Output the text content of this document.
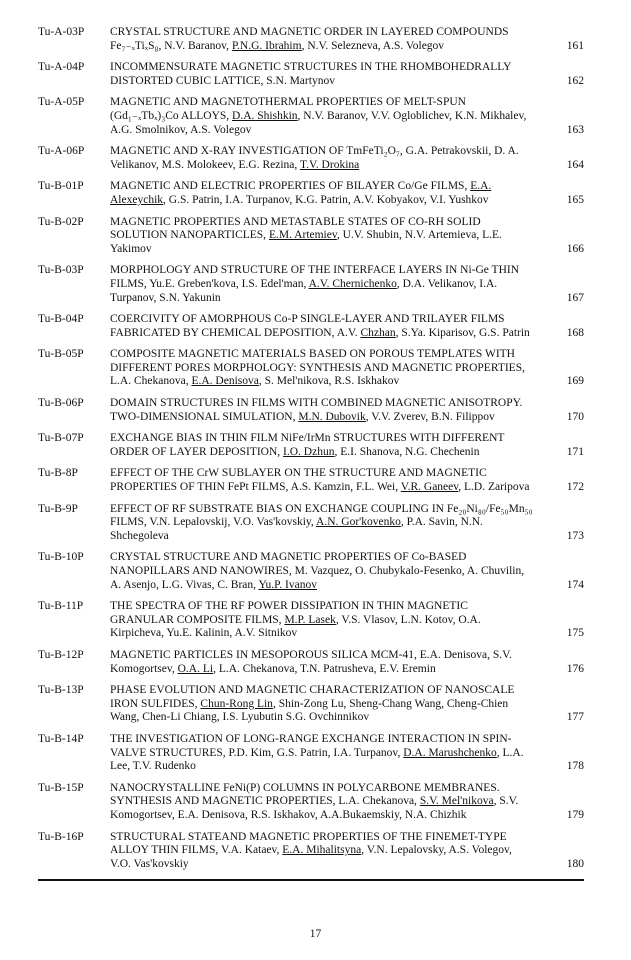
Tu-A-03P	CRYSTAL STRUCTURE AND MAGNETIC ORDER IN LAYERED COMPOUNDS Fe₇₋ₓTiₓS₈, N.V. Baranov, P.N.G. Ibrahim, N.V. Selezneva, A.S. Volegov	161
Tu-A-04P	INCOMMENSURATE MAGNETIC STRUCTURES IN THE RHOMBOHEDRALLY DISTORTED CUBIC LATTICE, S.N. Martynov	162
Tu-A-05P	MAGNETIC AND MAGNETOTHERMAL PROPERTIES OF MELT-SPUN (Gd₁₋ₓTbₓ)₃Co ALLOYS, D.A. Shishkin, N.V. Baranov, V.V. Ogloblichev, K.N. Mikhalev, A.G. Smolnikov, A.S. Volegov	163
Tu-A-06P	MAGNETIC AND X-RAY INVESTIGATION OF TmFeTi₂O₇, G.A. Petrakovskii, D. A. Velikanov, M.S. Molokeev, E.G. Rezina, T.V. Drokina	164
Tu-B-01P	MAGNETIC AND ELECTRIC PROPERTIES OF BILAYER Co/Ge FILMS, E.A. Alexeychik, G.S. Patrin, I.A. Turpanov, K.G. Patrin, A.V. Kobyakov, V.I. Yushkov	165
Tu-B-02P	MAGNETIC PROPERTIES AND METASTABLE STATES OF CO-RH SOLID SOLUTION NANOPARTICLES, E.M. Artemiev, U.V. Shubin, N.V. Artemieva, L.E. Yakimov	166
Tu-B-03P	MORPHOLOGY AND STRUCTURE OF THE INTERFACE LAYERS IN Ni-Ge THIN FILMS, Yu.E. Greben'kova, I.S. Edel'man, A.V. Chernichenko, D.A. Velikanov, I.A. Turpanov, S.N. Yakunin	167
Tu-B-04P	COERCIVITY OF AMORPHOUS Co-P SINGLE-LAYER AND TRILAYER FILMS FABRICATED BY CHEMICAL DEPOSITION, A.V. Chzhan, S.Ya. Kiparisov, G.S. Patrin	168
Tu-B-05P	COMPOSITE MAGNETIC MATERIALS BASED ON POROUS TEMPLATES WITH DIFFERENT PORES MORPHOLOGY: SYNTHESIS AND MAGNETIC PROPERTIES, L.A. Chekanova, E.A. Denisova, S. Mel'nikova, R.S. Iskhakov	169
Tu-B-06P	DOMAIN STRUCTURES IN FILMS WITH COMBINED MAGNETIC ANISOTROPY. TWO-DIMENSIONAL SIMULATION, M.N. Dubovik, V.V. Zverev, B.N. Filippov	170
Tu-B-07P	EXCHANGE BIAS IN THIN FILM NiFe/IrMn STRUCTURES WITH DIFFERENT ORDER OF LAYER DEPOSITION, I.O. Dzhun, E.I. Shanova, N.G. Chechenin	171
Tu-B-8P	EFFECT OF THE CrW SUBLAYER ON THE STRUCTURE AND MAGNETIC PROPERTIES OF THIN FePt FILMS, A.S. Kamzin, F.L. Wei, V.R. Ganeev, L.D. Zaripova	172
Tu-B-9P	EFFECT OF RF SUBSTRATE BIAS ON EXCHANGE COUPLING IN Fe₂₀Ni₈₀/Fe₅₀Mn₅₀ FILMS, V.N. Lepalovskij, V.O. Vas'kovskiy, A.N. Gor'kovenko, P.A. Savin, N.N. Shchegoleva	173
Tu-B-10P	CRYSTAL STRUCTURE AND MAGNETIC PROPERTIES OF Co-BASED NANOPILLARS AND NANOWIRES, M. Vazquez, O. Chubykalo-Fesenko, A. Chuvilin, A. Asenjo, L.G. Vivas, C. Bran, Yu.P. Ivanov	174
Tu-B-11P	THE SPECTRA OF THE RF POWER DISSIPATION IN THIN MAGNETIC GRANULAR COMPOSITE FILMS, M.P. Lasek, V.S. Vlasov, L.N. Kotov, O.A. Kirpicheva, Yu.E. Kalinin, A.V. Sitnikov	175
Tu-B-12P	MAGNETIC PARTICLES IN MESOPOROUS SILICA MCM-41, E.A. Denisova, S.V. Komogortsev, O.A. Li, L.A. Chekanova, T.N. Patrusheva, E.V. Eremin	176
Tu-B-13P	PHASE EVOLUTION AND MAGNETIC CHARACTERIZATION OF NANOSCALE IRON SULFIDES, Chun-Rong Lin, Shin-Zong Lu, Sheng-Chang Wang, Cheng-Chien Wang, Chen-Li Chiang, I.S. Lyubutin S.G. Ovchinnikov	177
Tu-B-14P	THE INVESTIGATION OF LONG-RANGE EXCHANGE INTERACTION IN SPIN-VALVE STRUCTURES, P.D. Kim, G.S. Patrin, I.A. Turpanov, D.A. Marushchenko, L.A. Lee, T.V. Rudenko	178
Tu-B-15P	NANOCRYSTALLINE FeNi(P) COLUMNS IN POLYCARBONE MEMBRANES. SYNTHESIS AND MAGNETIC PROPERTIES, L.A. Chekanova, S.V. Mel'nikova, S.V. Komogortsev, E.A. Denisova, R.S. Iskhakov, A.A.Bukaemskiy, N.A. Chizhik	179
Tu-B-16P	STRUCTURAL STATEAND MAGNETIC PROPERTIES OF THE FINEMET-TYPE ALLOY THIN FILMS, V.A. Kataev, E.A. Mihalitsyna, V.N. Lepalovsky, A.S. Volegov, V.O. Vas'kovskiy	180
17
